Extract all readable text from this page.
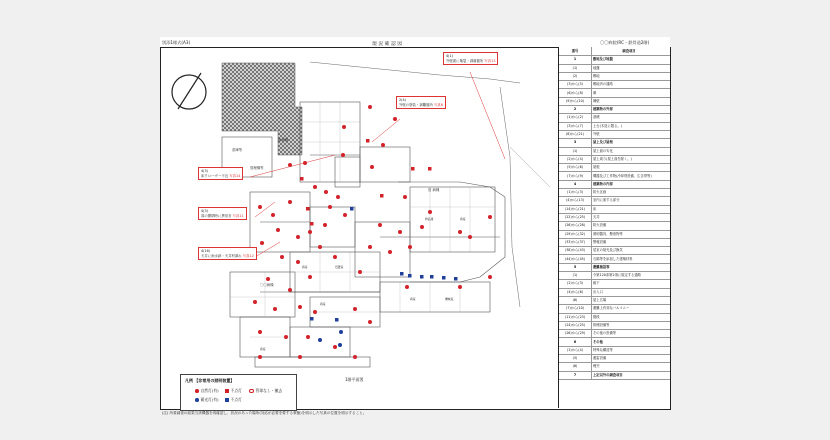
別添1様式(A3)	現 況 確 認 図	〇〇病院(RC・鉄骨造2階)
倉庫等
管理棟等
新病棟
旧 病棟
〇〇病棟
物品庫	病室
病室	処置室
病室	機械室
病室
病室
4(1)
外壁面に亀裂・剥落箇所 写真13
2(4)
外壁の塗装・剥離箇所 写真6
4(3)
床クローザー不良 写真14
4(3)
扉の開閉時に異常音 写真11
4(16)
天井に雨水跡・天井材剥れ 写真12
1階平面図
凡例 【非常用の照明装置】
自然灯(有)	不点灯	管球なし・撤去
蓄光灯(有)	不点灯
(注) 所要調査の結果当該機器を再確認し、状況のあった場所(対応が必要を要する事態)を明示した写真の位置を明示すること。
番号	調査項目
1	敷地及び地盤
(1)	地盤
(2)	敷地
(3)から(5)	敷地内の通路
(6)から(8)	塀
(9)から(10)	擁壁
2	建築物の外部
(1)から(2)	基礎
(3)から(7)	土台(木造に限る。)
(8)から(21)	外壁
3	屋上及び屋根
(1)	屋上面の劣化
(2)から(4)	屋上周り(屋上面を除く。)
(5)から(6)	屋根
(7)から(9)	機器及び工作物(冷却塔設備、広告塔等)
4	建築物の内部
(1)から(3)	防火区画
(4)から(13)	室内に面する部分
(14)から(21)	床
(22)から(25)	天井
(26)から(28)	防火設備
(29)から(32)	照明器具、懸垂物等
(33)から(37)	警報設備
(38)から(43)	居室の採光及び換気
(44)から(45)	石綿等を添加した建築材料
5	避難施設等
(1)	令第120条第2項に規定する通路
(2)から(3)	廊下
(4)から(6)	出入口
(6)	屋上広場
(7)から(10)	避難上有効なバルコニー
(11)から(23)	階段
(24)から(25)	排煙設備等
(26)から(29)	その他の設備等
6	その他
(1)から(4)	特殊な構造等
(5)	避雷設備
(6)	煙突
7	上記以外の調査項目
